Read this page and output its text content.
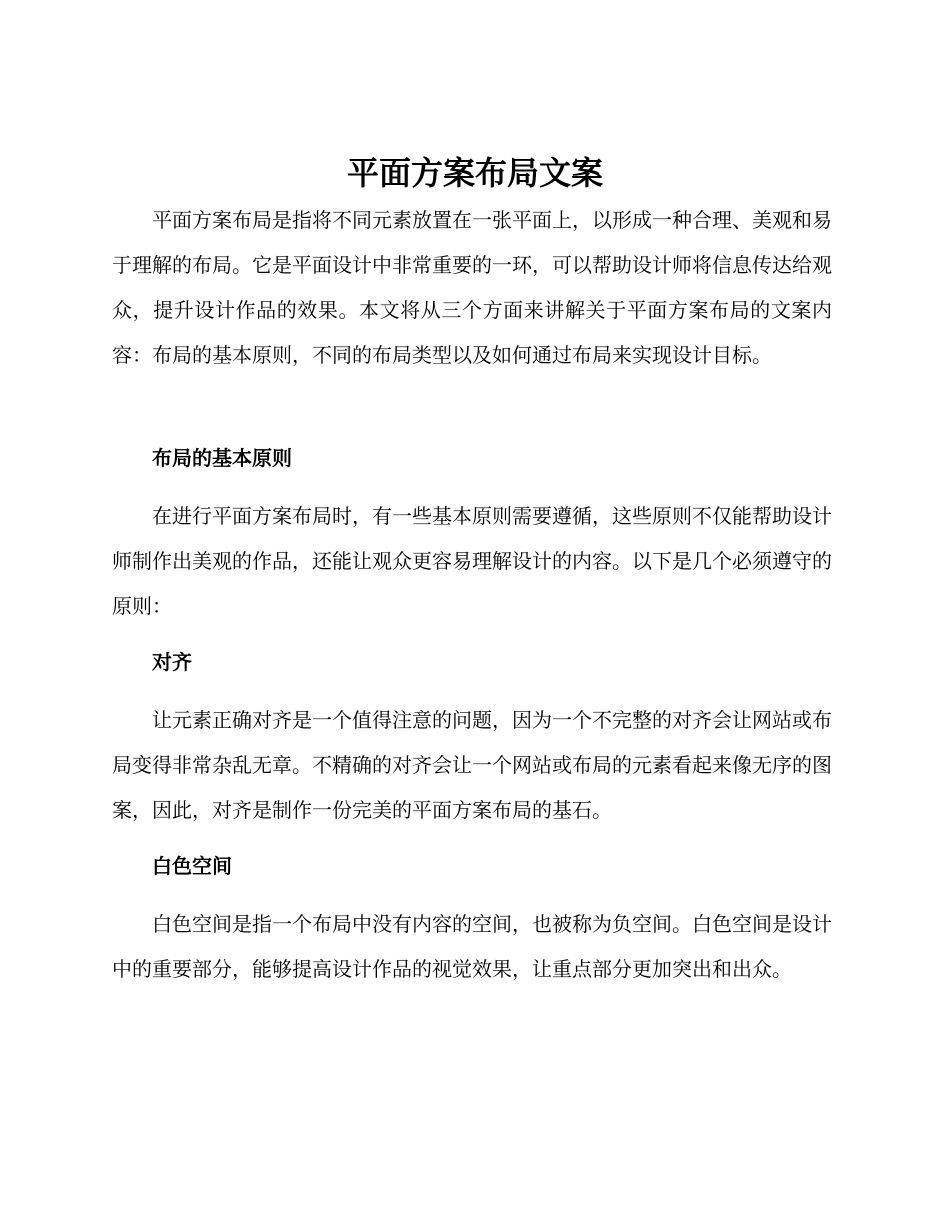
平面方案布局文案

平面方案布局是指将不同元素放置在一张平面上，以形成一种合理、美观和易于理解的布局。它是平面设计中非常重要的一环，可以帮助设计师将信息传达给观众，提升设计作品的效果。本文将从三个方面来讲解关于平面方案布局的文案内容：布局的基本原则，不同的布局类型以及如何通过布局来实现设计目标。

布局的基本原则

在进行平面方案布局时，有一些基本原则需要遵循，这些原则不仅能帮助设计师制作出美观的作品，还能让观众更容易理解设计的内容。以下是几个必须遵守的原则：

对齐

让元素正确对齐是一个值得注意的问题，因为一个不完整的对齐会让网站或布局变得非常杂乱无章。不精确的对齐会让一个网站或布局的元素看起来像无序的图案，因此，对齐是制作一份完美的平面方案布局的基石。

白色空间

白色空间是指一个布局中没有内容的空间，也被称为负空间。白色空间是设计中的重要部分，能够提高设计作品的视觉效果，让重点部分更加突出和出众。
